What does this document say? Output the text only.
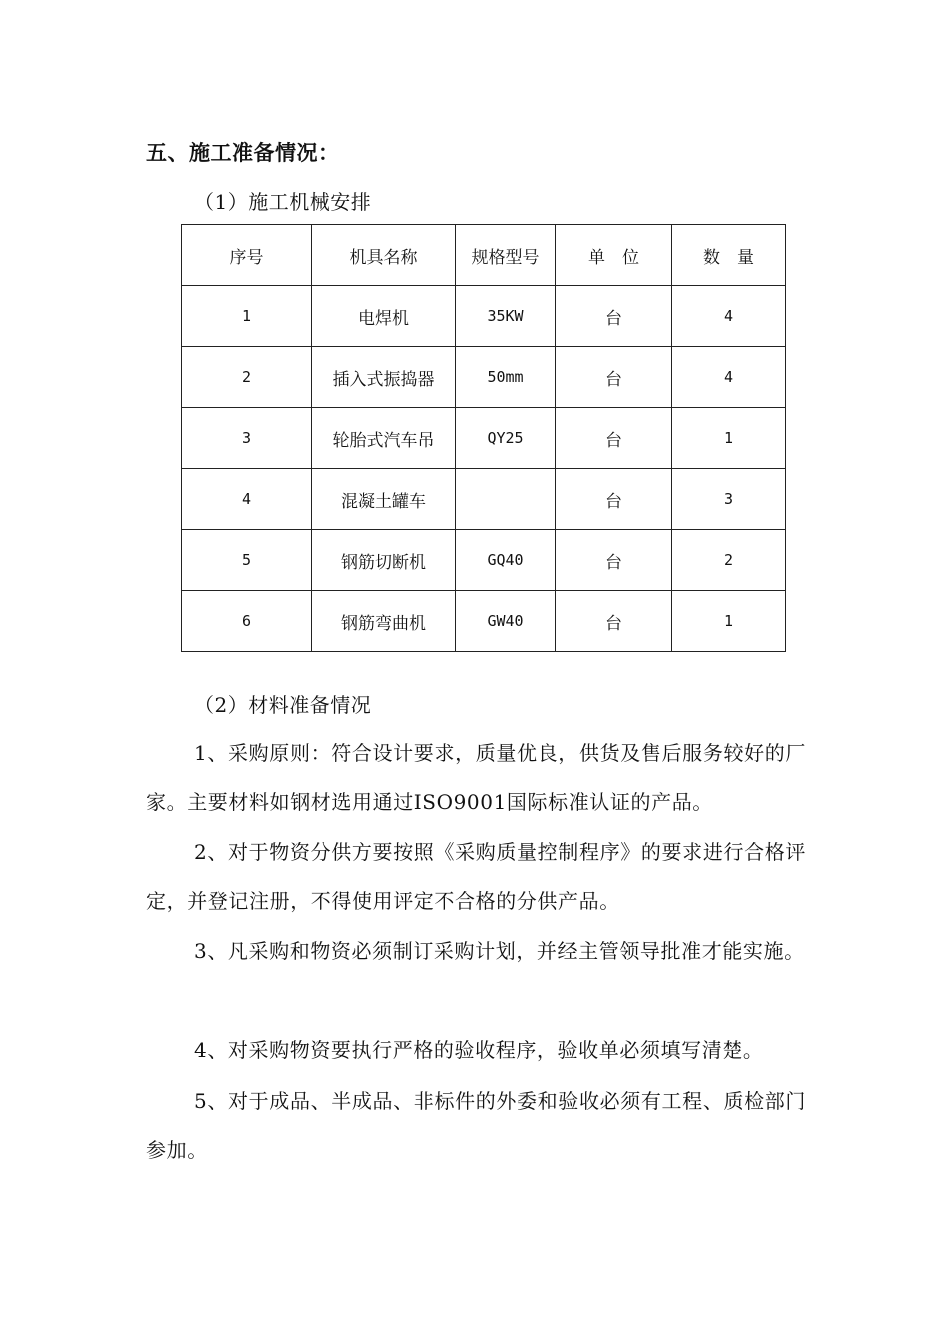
五、施工准备情况：
（1）施工机械安排
序号	机具名称	规格型号	单　位	数　量
1	电焊机	35KW	台	4
2	插入式振捣器	50mm	台	4
3	轮胎式汽车吊	QY25	台	1
4	混凝土罐车		台	3
5	钢筋切断机	GQ40	台	2
6	钢筋弯曲机	GW40	台	1
（2）材料准备情况

1、采购原则：符合设计要求，质量优良，供货及售后服务较好的厂家。主要材料如钢材选用通过ISO9001国际标准认证的产品。

2、对于物资分供方要按照《采购质量控制程序》的要求进行合格评定，并登记注册，不得使用评定不合格的分供产品。

3、凡采购和物资必须制订采购计划，并经主管领导批准才能实施。

4、对采购物资要执行严格的验收程序，验收单必须填写清楚。

5、对于成品、半成品、非标件的外委和验收必须有工程、质检部门参加。
